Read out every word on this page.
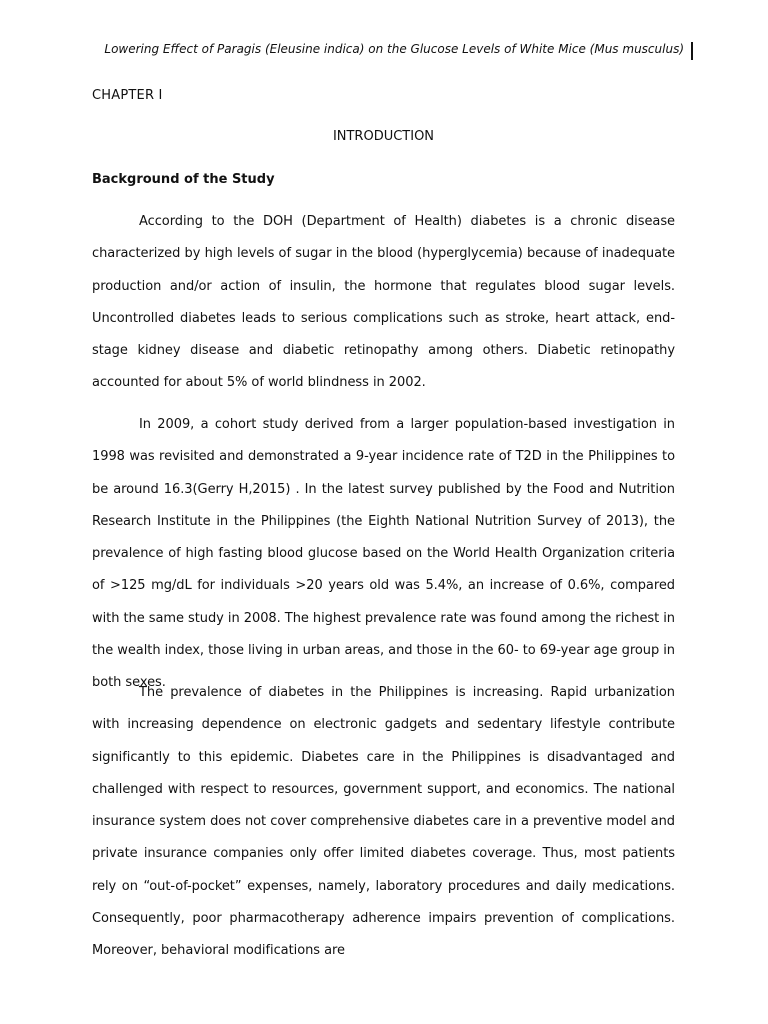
Lowering Effect of Paragis (Eleusine indica) on the Glucose Levels of White Mice (Mus musculus)
CHAPTER I
INTRODUCTION
Background of the Study

According to the DOH (Department of Health) diabetes is a chronic disease characterized by high levels of sugar in the blood (hyperglycemia) because of inadequate production and/or action of insulin, the hormone that regulates blood sugar levels. Uncontrolled diabetes leads to serious complications such as stroke, heart attack, end-stage kidney disease and diabetic retinopathy among others. Diabetic retinopathy accounted for about 5% of world blindness in 2002.

In 2009, a cohort study derived from a larger population-based investigation in 1998 was revisited and demonstrated a 9-year incidence rate of T2D in the Philippines to be around 16.3(Gerry H,2015) . In the latest survey published by the Food and Nutrition Research Institute in the Philippines (the Eighth National Nutrition Survey of 2013), the prevalence of high fasting blood glucose based on the World Health Organization criteria of >125 mg/dL for individuals >20 years old was 5.4%, an increase of 0.6%, compared with the same study in 2008. The highest prevalence rate was found among the richest in the wealth index, those living in urban areas, and those in the 60- to 69-year age group in both sexes.

The prevalence of diabetes in the Philippines is increasing. Rapid urbanization with increasing dependence on electronic gadgets and sedentary lifestyle contribute significantly to this epidemic. Diabetes care in the Philippines is disadvantaged and challenged with respect to resources, government support, and economics. The national insurance system does not cover comprehensive diabetes care in a preventive model and private insurance companies only offer limited diabetes coverage. Thus, most patients rely on “out-of-pocket” expenses, namely, laboratory procedures and daily medications. Consequently, poor pharmacotherapy adherence impairs prevention of complications. Moreover, behavioral modifications are
